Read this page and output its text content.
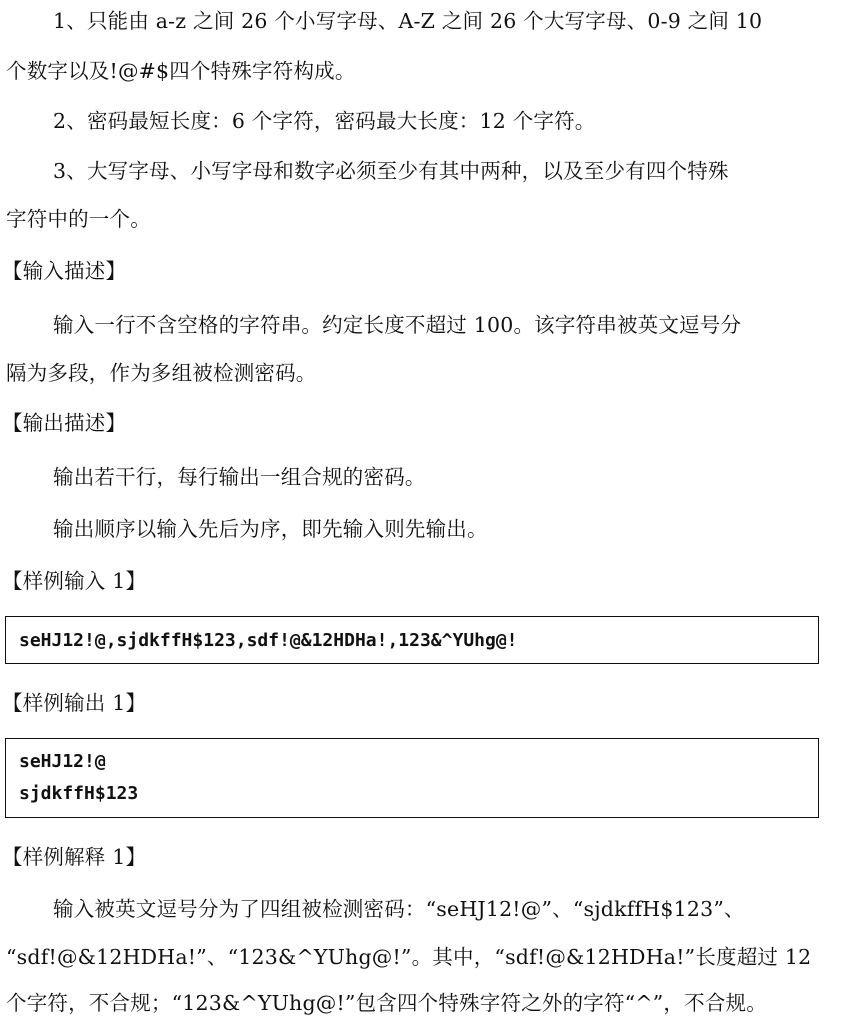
1、只能由 a-z 之间 26 个小写字母、A-Z 之间 26 个大写字母、0-9 之间 10
个数字以及!@#$四个特殊字符构成。
2、密码最短长度：6 个字符，密码最大长度：12 个字符。
3、大写字母、小写字母和数字必须至少有其中两种，以及至少有四个特殊
字符中的一个。
【输入描述】
输入一行不含空格的字符串。约定长度不超过 100。该字符串被英文逗号分
隔为多段，作为多组被检测密码。
【输出描述】
输出若干行，每行输出一组合规的密码。
输出顺序以输入先后为序，即先输入则先输出。
【样例输入 1】
seHJ12!@,sjdkffH$123,sdf!@&12HDHa!,123&^YUhg@!
【样例输出 1】
seHJ12!@
sjdkffH$123
【样例解释 1】
输入被英文逗号分为了四组被检测密码：“seHJ12!@”、“sjdkffH$123”、
“sdf!@&12HDHa!”、“123&^YUhg@!”。其中，“sdf!@&12HDHa!”长度超过 12
个字符，不合规；“123&^YUhg@!”包含四个特殊字符之外的字符“^”，不合规。
